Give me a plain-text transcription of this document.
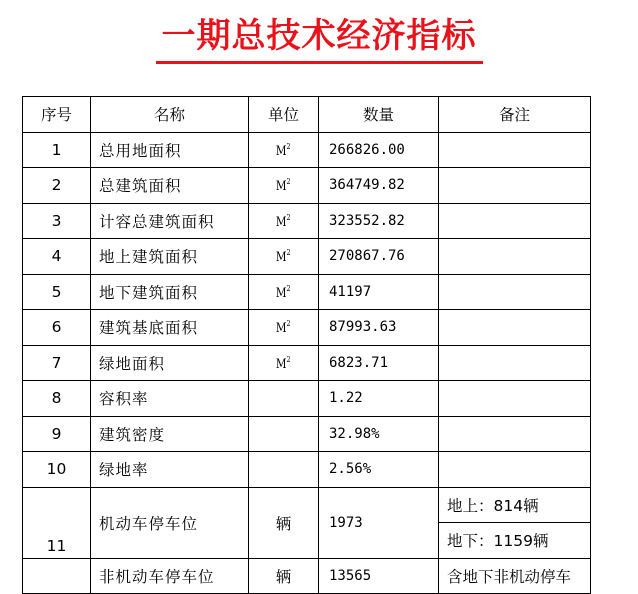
一期总技术经济指标
序号	名称	单位	数量	备注
1	总用地面积	$M^2$	266826.00	
2	总建筑面积	$M^2$	364749.82	
3	计容总建筑面积	$M^2$	323552.82	
4	地上建筑面积	$M^2$	270867.76	
5	地下建筑面积	$M^2$	41197	
6	建筑基底面积	$M^2$	87993.63	
7	绿地面积	$M^2$	6823.71	
8	容积率		1.22	
9	建筑密度		32.98%	
10	绿地率		2.56%	
11	机动车停车位	辆	1973	地上：814辆
				地下：1159辆
	非机动车停车位	辆	13565	含地下非机动停车
